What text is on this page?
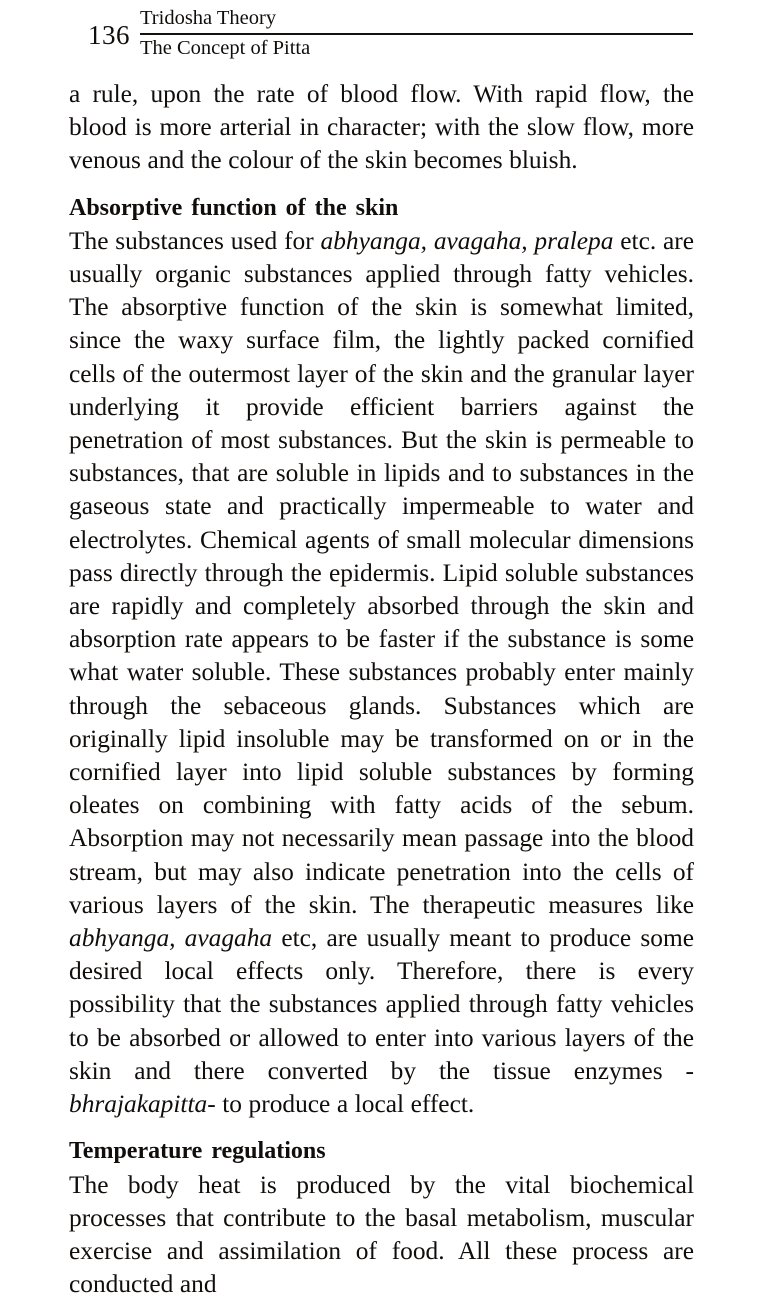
136
Tridosha Theory
The Concept of Pitta

a rule, upon the rate of blood flow. With rapid flow, the blood is more arterial in character; with the slow flow, more venous and the colour of the skin becomes bluish.

Absorptive function of the skin

The substances used for abhyanga, avagaha, pralepa etc. are usually organic substances applied through fatty vehicles. The absorptive function of the skin is somewhat limited, since the waxy surface film, the lightly packed cornified cells of the outermost layer of the skin and the granular layer underlying it provide efficient barriers against the penetration of most substances. But the skin is permeable to substances, that are soluble in lipids and to substances in the gaseous state and practically impermeable to water and electrolytes. Chemical agents of small molecular dimensions pass directly through the epidermis. Lipid soluble substances are rapidly and completely absorbed through the skin and absorption rate appears to be faster if the substance is some what water soluble. These substances probably enter mainly through the sebaceous glands. Substances which are originally lipid insoluble may be transformed on or in the cornified layer into lipid soluble substances by forming oleates on combining with fatty acids of the sebum. Absorption may not necessarily mean passage into the blood stream, but may also indicate penetration into the cells of various layers of the skin. The therapeutic measures like abhyanga, avagaha etc, are usually meant to produce some desired local effects only. Therefore, there is every possibility that the substances applied through fatty vehicles to be absorbed or allowed to enter into various layers of the skin and there converted by the tissue enzymes - bhrajakapitta- to produce a local effect.

Temperature regulations

The body heat is produced by the vital biochemical processes that contribute to the basal metabolism, muscular exercise and assimilation of food. All these process are conducted and
